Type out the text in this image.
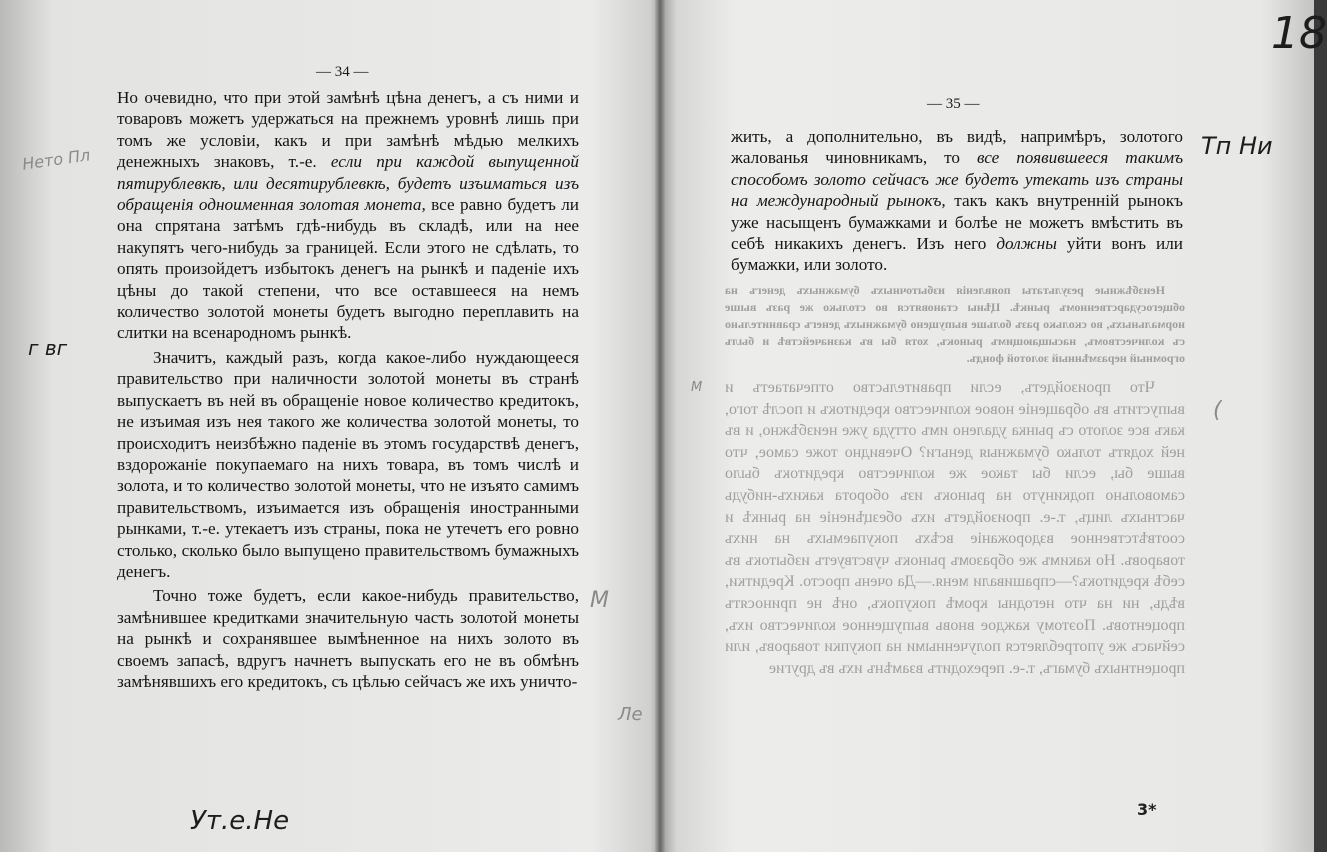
— 34 —

Но очевидно, что при этой замѣнѣ цѣна денегъ, а съ ними и товаровъ можетъ удержаться на прежнемъ уровнѣ лишь при томъ же условіи, какъ и при замѣнѣ мѣдью мелкихъ денежныхъ знаковъ, т.-е. если при каждой выпущенной пятирублевкѣ, или десятирублевкѣ, будетъ изъиматься изъ обращенія одноименная золотая монета, все равно будетъ ли она спрятана затѣмъ гдѣ-нибудь въ складѣ, или на нее накупятъ чего-нибудь за границей. Если этого не сдѣлать, то опять произойдетъ избытокъ денегъ на рынкѣ и паденіе ихъ цѣны до такой степени, что все оставшееся на немъ количество золотой монеты будетъ выгодно переплавить на слитки на всенародномъ рынкѣ.

Значитъ, каждый разъ, когда какое-либо нуждающееся правительство при наличности золотой монеты въ странѣ выпускаетъ въ ней въ обращеніе новое количество кредитокъ, не изъимая изъ нея такого же количества золотой монеты, то происходитъ неизбѣжно паденіе въ этомъ государствѣ денегъ, вздорожаніе покупаемаго на нихъ товара, въ томъ числѣ и золота, и то количество золотой монеты, что не изъято самимъ правительствомъ, изъимается изъ обращенія иностранными рынками, т.-е. утекаетъ изъ страны, пока не утечетъ его ровно столько, сколько было выпущено правительствомъ бумажныхъ денегъ.

Точно тоже будетъ, если какое-нибудь правительство, замѣнившее кредитками значительную часть золотой монеты на рынкѣ и сохранявшее вымѣненное на нихъ золото въ своемъ запасѣ, вдругъ начнетъ выпускать его не въ обмѣнъ замѣнявшихъ его кредитокъ, съ цѣлью сейчасъ же ихъ уничто-

Ут.е.Не
г вг
Нето Пл
М
Ле
— 35 —

жить, а дополнительно, въ видѣ, напримѣръ, золотого жалованья чиновникамъ, то все появившееся такимъ способомъ золото сейчасъ же будетъ утекать изъ страны на международный рынокъ, такъ какъ внутренній рынокъ уже насыщенъ бумажками и болѣе не можетъ вмѣстить въ себѣ никакихъ денегъ. Изъ него должны уйти вонъ или бумажки, или золото.

Неизбѣжные результаты появленія избыточныхъ бумажныхъ денегъ на общегосударственномъ рынкѣ. Цѣны становятся во столько же разъ выше нормальныхъ, во сколько разъ больше выпущено бумажныхъ денегъ сравнительно съ количествомъ, насыщающимъ рынокъ, хотя бы въ казначействѣ и былъ огромный неразмѣнный золотой фондъ.

Что произойдетъ, если правительство отпечатаетъ и выпустить въ обращеніе новое количество кредитокъ и послѣ того, какъ все золото съ рынка удалено имъ оттуда уже неизбѣжно, и въ ней ходятъ только бумажныя деньги? Очевидно тоже самое, что выше бы, если бы такое же количество кредитокъ было самовольно подкинуто на рынокъ изъ оборота какихъ-нибудь частныхъ лицъ, т.-е. произойдетъ ихъ обезцѣненіе на рынкѣ и соотвѣтственное вздорожаніе всѣхъ покупаемыхъ на нихъ товаровъ. Но какимъ же образомъ рынокъ чувствуетъ избытокъ въ себѣ кредитокъ?—спрашивали меня.—Да очень просто. Кредитки, вѣдь, ни на что негодны кромѣ покупокъ, онѣ не приносятъ процентовъ. Поэтому каждое вновь выпущенное количество ихъ, сейчасъ же употребляется полученными на покупки товаровъ, или процентныхъ бумагъ, т.-е. переходитъ взамѣнъ ихъ въ другие

3*
18
Тп Ни
(
М
